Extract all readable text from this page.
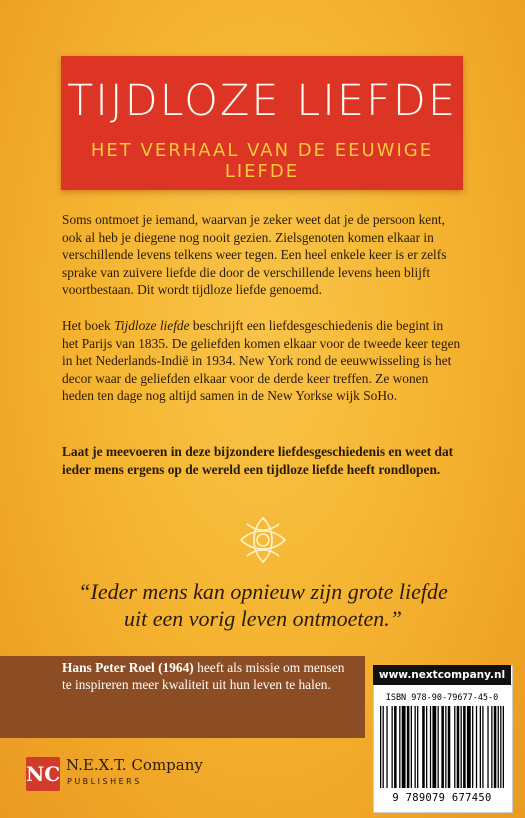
TIJDLOZE LIEFDE
HET VERHAAL VAN DE EEUWIGE LIEFDE
Soms ontmoet je iemand, waarvan je zeker weet dat je de persoon kent, ook al heb je diegene nog nooit gezien. Zielsgenoten komen elkaar in verschillende levens telkens weer tegen. Een heel enkele keer is er zelfs sprake van zuivere liefde die door de verschillende levens heen blijft voortbestaan. Dit wordt tijdloze liefde genoemd.
Het boek Tijdloze liefde beschrijft een liefdesgeschiedenis die begint in het Parijs van 1835. De geliefden komen elkaar voor de tweede keer tegen in het Nederlands-Indië in 1934. New York rond de eeuwwisseling is het decor waar de geliefden elkaar voor de derde keer treffen. Ze wonen heden ten dage nog altijd samen in de New Yorkse wijk SoHo.
Laat je meevoeren in deze bijzondere liefdesgeschiedenis en weet dat ieder mens ergens op de wereld een tijdloze liefde heeft rondlopen.
“Ieder mens kan opnieuw zijn grote liefde uit een vorig leven ontmoeten.”
Hans Peter Roel (1964) heeft als missie om mensen te inspireren meer kwaliteit uit hun leven te halen.
NC N.E.X.T. Company
PUBLISHERS
www.nextcompany.nl
ISBN 978-90-79677-45-0
9 789079 677450
